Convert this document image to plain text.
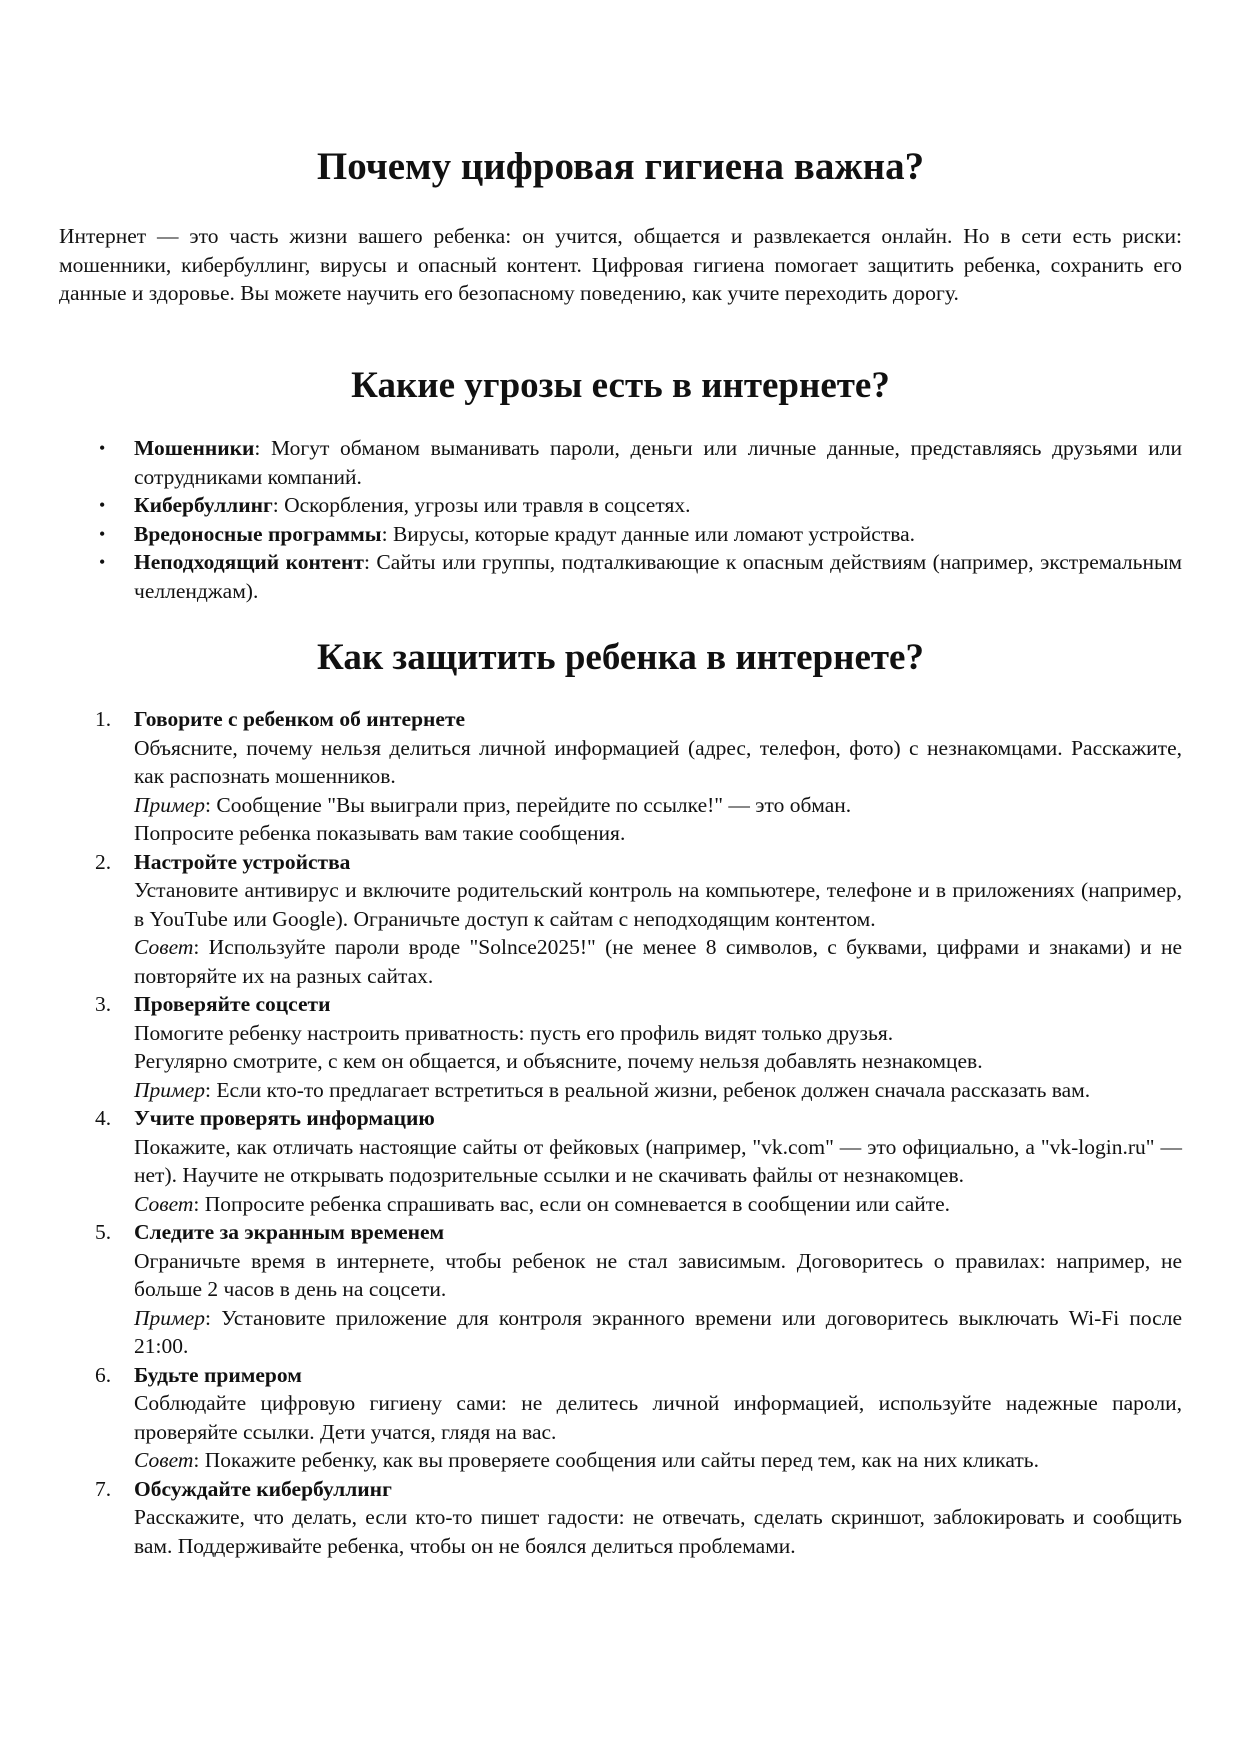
Почему цифровая гигиена важна?

Интернет — это часть жизни вашего ребенка: он учится, общается и развлекается онлайн. Но в сети есть риски: мошенники, кибербуллинг, вирусы и опасный контент. Цифровая гигиена помогает защитить ребенка, сохранить его данные и здоровье. Вы можете научить его безопасному поведению, как учите переходить дорогу.

Какие угрозы есть в интернете?
• Мошенники: Могут обманом выманивать пароли, деньги или личные данные, представляясь друзьями или сотрудниками компаний.
• Кибербуллинг: Оскорбления, угрозы или травля в соцсетях.
• Вредоносные программы: Вирусы, которые крадут данные или ломают устройства.
• Неподходящий контент: Сайты или группы, подталкивающие к опасным действиям (например, экстремальным челленджам).
Как защитить ребенка в интернете?
1. Говорите с ребенком об интернете
Объясните, почему нельзя делиться личной информацией (адрес, телефон, фото) с незнакомцами. Расскажите, как распознать мошенников.
Пример: Сообщение "Вы выиграли приз, перейдите по ссылке!" — это обман.
Попросите ребенка показывать вам такие сообщения.
2. Настройте устройства
Установите антивирус и включите родительский контроль на компьютере, телефоне и в приложениях (например, в YouTube или Google). Ограничьте доступ к сайтам с неподходящим контентом.
Совет: Используйте пароли вроде "Solnce2025!" (не менее 8 символов, с буквами, цифрами и знаками) и не повторяйте их на разных сайтах.
3. Проверяйте соцсети
Помогите ребенку настроить приватность: пусть его профиль видят только друзья.
Регулярно смотрите, с кем он общается, и объясните, почему нельзя добавлять незнакомцев.
Пример: Если кто-то предлагает встретиться в реальной жизни, ребенок должен сначала рассказать вам.
4. Учите проверять информацию
Покажите, как отличать настоящие сайты от фейковых (например, "vk.com" — это официально, а "vk-login.ru" — нет). Научите не открывать подозрительные ссылки и не скачивать файлы от незнакомцев.
Совет: Попросите ребенка спрашивать вас, если он сомневается в сообщении или сайте.
5. Следите за экранным временем
Ограничьте время в интернете, чтобы ребенок не стал зависимым. Договоритесь о правилах: например, не больше 2 часов в день на соцсети.
Пример: Установите приложение для контроля экранного времени или договоритесь выключать Wi-Fi после 21:00.
6. Будьте примером
Соблюдайте цифровую гигиену сами: не делитесь личной информацией, используйте надежные пароли, проверяйте ссылки. Дети учатся, глядя на вас.
Совет: Покажите ребенку, как вы проверяете сообщения или сайты перед тем, как на них кликать.
7. Обсуждайте кибербуллинг
Расскажите, что делать, если кто-то пишет гадости: не отвечать, сделать скриншот, заблокировать и сообщить вам. Поддерживайте ребенка, чтобы он не боялся делиться проблемами.
